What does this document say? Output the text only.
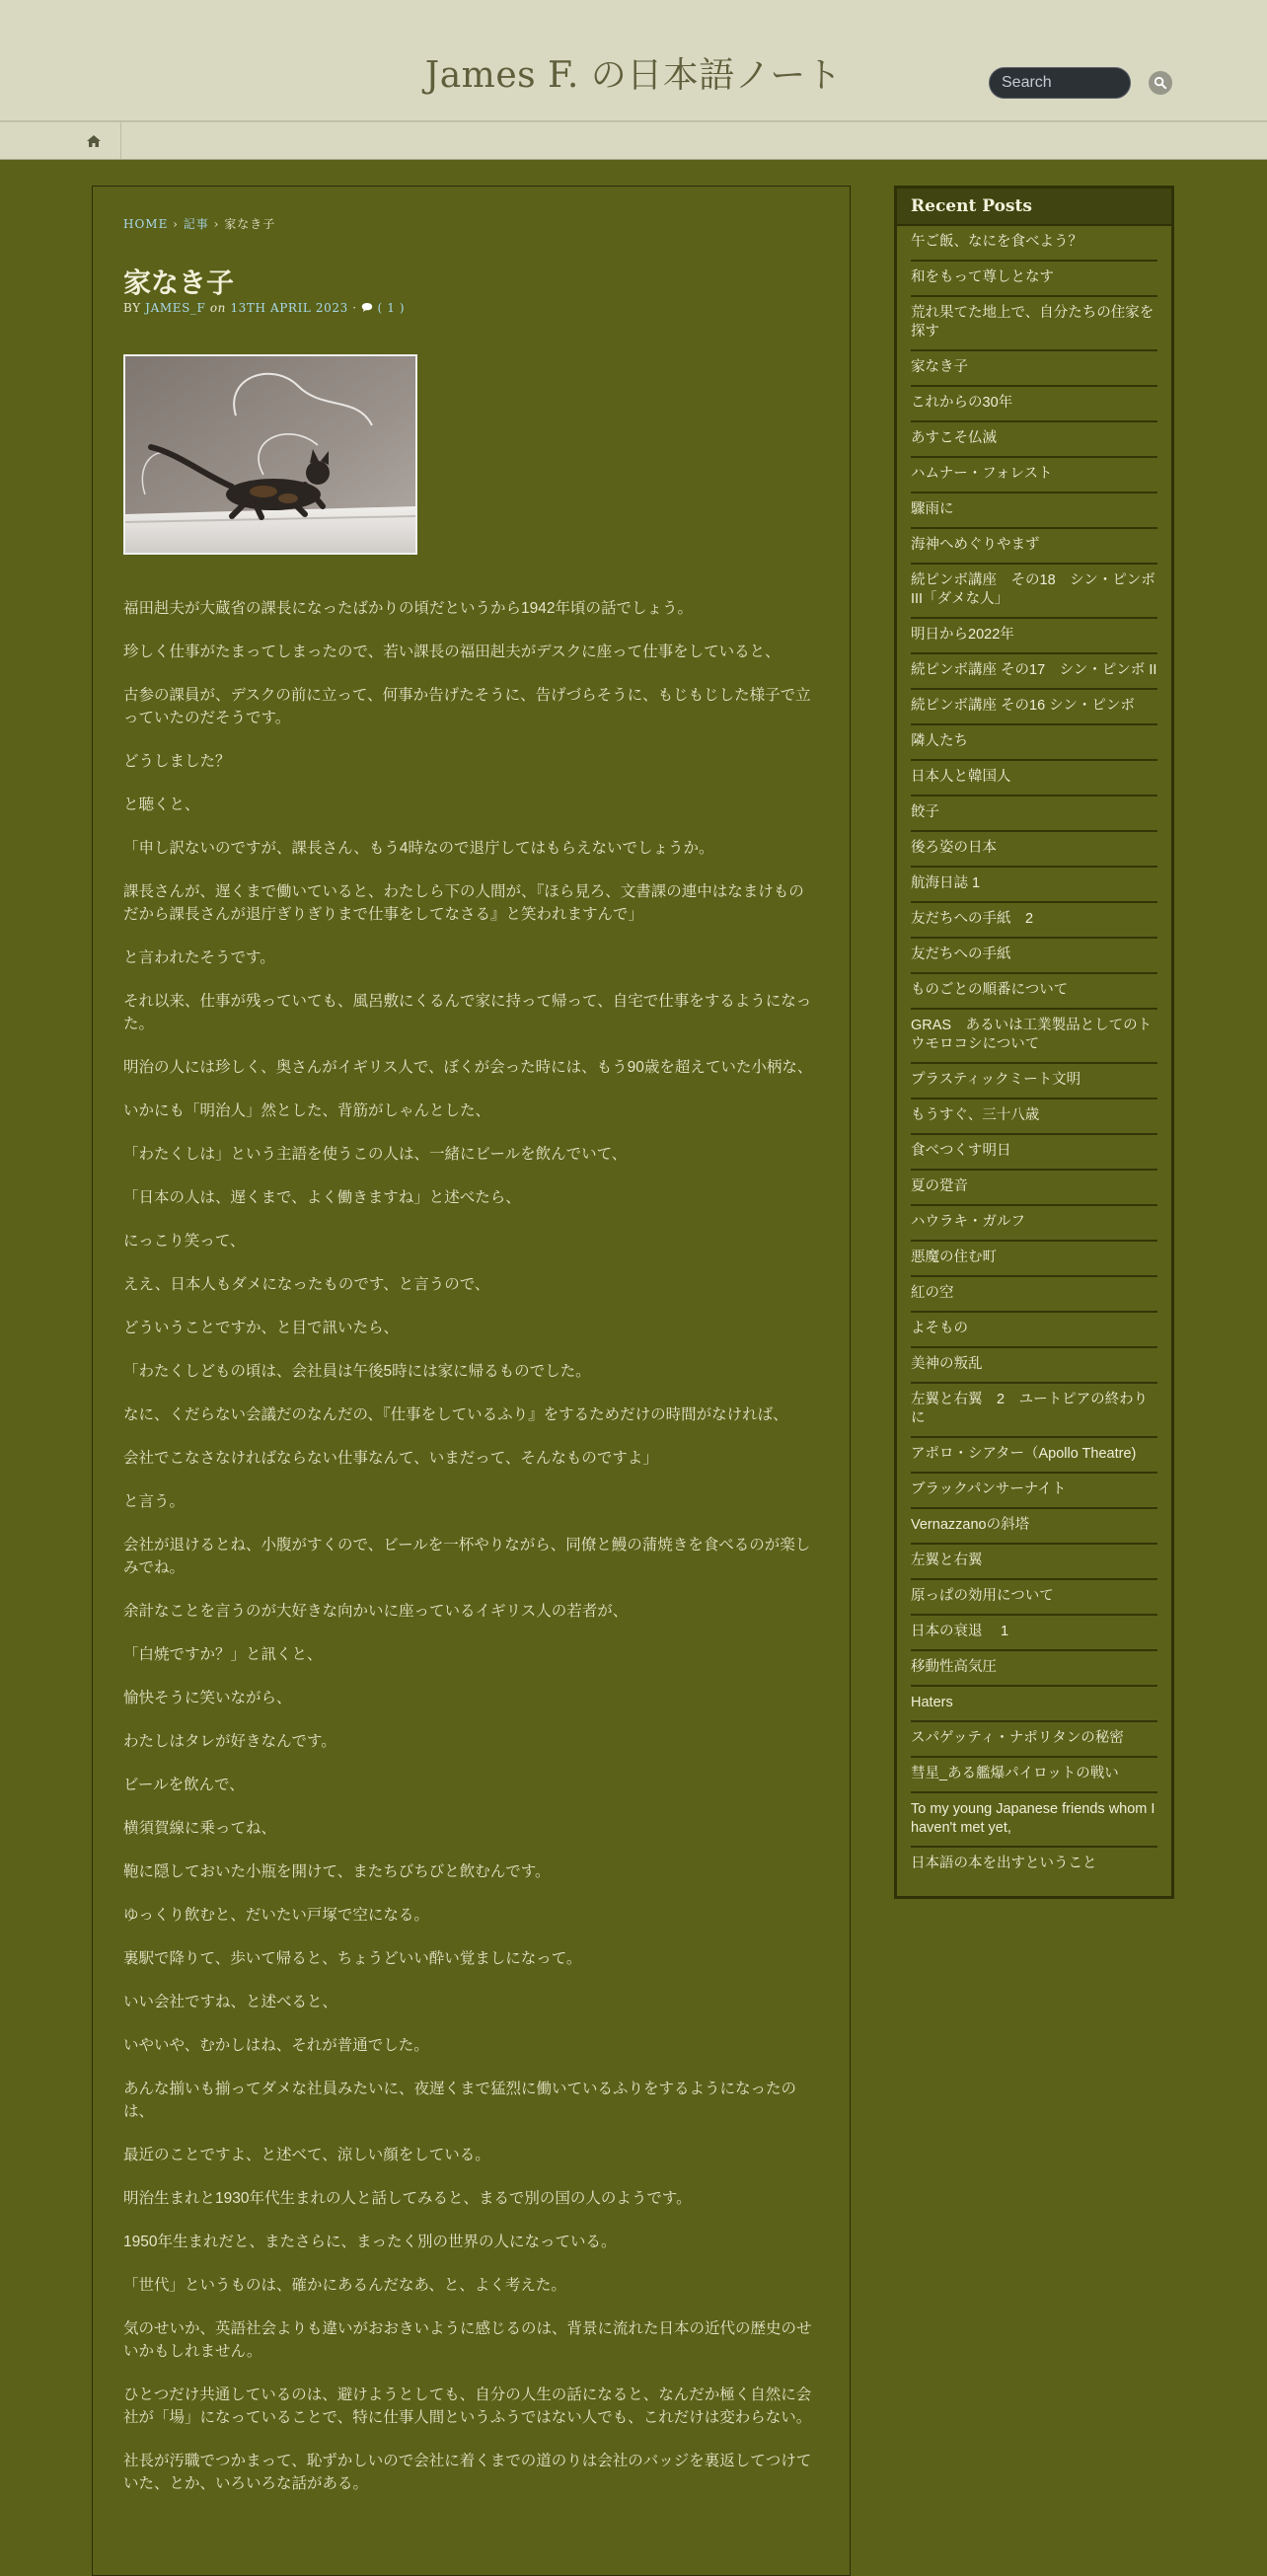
James F. の日本語ノート
Search
HOME › 記事 › 家なき子
家なき子
BY JAMES_F on 13TH APRIL 2023 · ( 1 )

福田赳夫が大蔵省の課長になったばかりの頃だというから1942年頃の話でしょう。

珍しく仕事がたまってしまったので、若い課長の福田赳夫がデスクに座って仕事をしていると、

古参の課員が、デスクの前に立って、何事か告げたそうに、告げづらそうに、もじもじした様子で立っていたのだそうです。

どうしました？

と聴くと、

「申し訳ないのですが、課長さん、もう4時なので退庁してはもらえないでしょうか。

課長さんが、遅くまで働いていると、わたしら下の人間が、『ほら見ろ、文書課の連中はなまけものだから課長さんが退庁ぎりぎりまで仕事をしてなさる』と笑われますんで」

と言われたそうです。

それ以来、仕事が残っていても、風呂敷にくるんで家に持って帰って、自宅で仕事をするようになった。

明治の人には珍しく、奥さんがイギリス人で、ぼくが会った時には、もう90歳を超えていた小柄な、

いかにも「明治人」然とした、背筋がしゃんとした、

「わたくしは」という主語を使うこの人は、一緒にビールを飲んでいて、

「日本の人は、遅くまで、よく働きますね」と述べたら、

にっこり笑って、

ええ、日本人もダメになったものです、と言うので、

どういうことですか、と目で訊いたら、

「わたくしどもの頃は、会社員は午後5時には家に帰るものでした。

なに、くだらない会議だのなんだの、『仕事をしているふり』をするためだけの時間がなければ、

会社でこなさなければならない仕事なんて、いまだって、そんなものですよ」

と言う。

会社が退けるとね、小腹がすくので、ビールを一杯やりながら、同僚と鰻の蒲焼きを食べるのが楽しみでね。

余計なことを言うのが大好きな向かいに座っているイギリス人の若者が、

「白焼ですか？」と訊くと、

愉快そうに笑いながら、

わたしはタレが好きなんです。

ビールを飲んで、

横須賀線に乗ってね、

鞄に隠しておいた小瓶を開けて、またちびちびと飲むんです。

ゆっくり飲むと、だいたい戸塚で空になる。

裏駅で降りて、歩いて帰ると、ちょうどいい酔い覚ましになって。

いい会社ですね、と述べると、

いやいや、むかしはね、それが普通でした。

あんな揃いも揃ってダメな社員みたいに、夜遅くまで猛烈に働いているふりをするようになったのは、

最近のことですよ、と述べて、涼しい顔をしている。

明治生まれと1930年代生まれの人と話してみると、まるで別の国の人のようです。

1950年生まれだと、またさらに、まったく別の世界の人になっている。

「世代」というものは、確かにあるんだなあ、と、よく考えた。

気のせいか、英語社会よりも違いがおおきいように感じるのは、背景に流れた日本の近代の歴史のせいかもしれません。

ひとつだけ共通しているのは、避けようとしても、自分の人生の話になると、なんだか極く自然に会社が「場」になっていることで、特に仕事人間というふうではない人でも、これだけは変わらない。

社長が汚職でつかまって、恥ずかしいので会社に着くまでの道のりは会社のバッジを裏返してつけていた、とか、いろいろな話がある。

Recent Posts
午ご飯、なにを食べよう？
和をもって尊しとなす
荒れ果てた地上で、自分たちの住家を探す
家なき子
これからの30年
あすこそ仏滅
ハムナー・フォレスト
驟雨に
海神へめぐりやまず
続ピンボ講座　その18　シン・ピンボ III「ダメな人」
明日から2022年
続ピンボ講座 その17　シン・ピンボ II
続ピンボ講座 その16 シン・ピンボ
隣人たち
日本人と韓国人
餃子
後ろ姿の日本
航海日誌 1
友だちへの手紙　2
友だちへの手紙
ものごとの順番について
GRAS　あるいは工業製品としてのトウモロコシについて
プラスティックミート文明
もうすぐ、三十八歳
食べつくす明日
夏の跫音
ハウラキ・ガルフ
悪魔の住む町
紅の空
よそもの
美神の叛乱
左翼と右翼　2　ユートピアの終わりに
アポロ・シアター（Apollo Theatre)
ブラックパンサーナイト
Vernazzanoの斜塔
左翼と右翼
原っぱの効用について
日本の衰退　 1
移動性高気圧
Haters
スパゲッティ・ナポリタンの秘密
彗星_ある艦爆パイロットの戦い
To my young Japanese friends whom I haven't met yet,
日本語の本を出すということ
